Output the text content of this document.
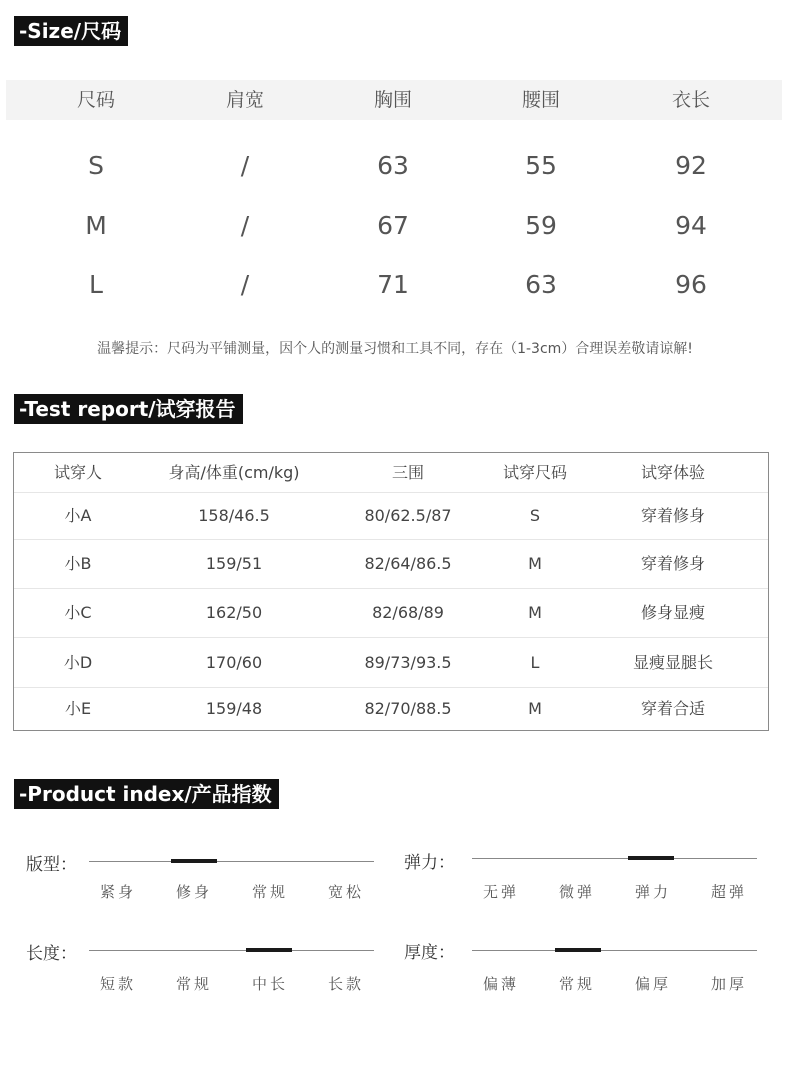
-Size/尺码
尺码	肩宽	胸围	腰围	衣长
S	/	63	55	92
M	/	67	59	94
L	/	71	63	96
温馨提示：尺码为平铺测量，因个人的测量习惯和工具不同，存在（1-3cm）合理误差敬请谅解!
-Test report/试穿报告
试穿人	身高/体重(cm/kg)	三围	试穿尺码	试穿体验
小A	158/46.5	80/62.5/87	S	穿着修身
小B	159/51	82/64/86.5	M	穿着修身
小C	162/50	82/68/89	M	修身显瘦
小D	170/60	89/73/93.5	L	显瘦显腿长
小E	159/48	82/70/88.5	M	穿着合适
-Product index/产品指数
版型：
紧身	修身	常规	宽松
弹力：
无弹	微弹	弹力	超弹
长度：
短款	常规	中长	长款
厚度：
偏薄	常规	偏厚	加厚
